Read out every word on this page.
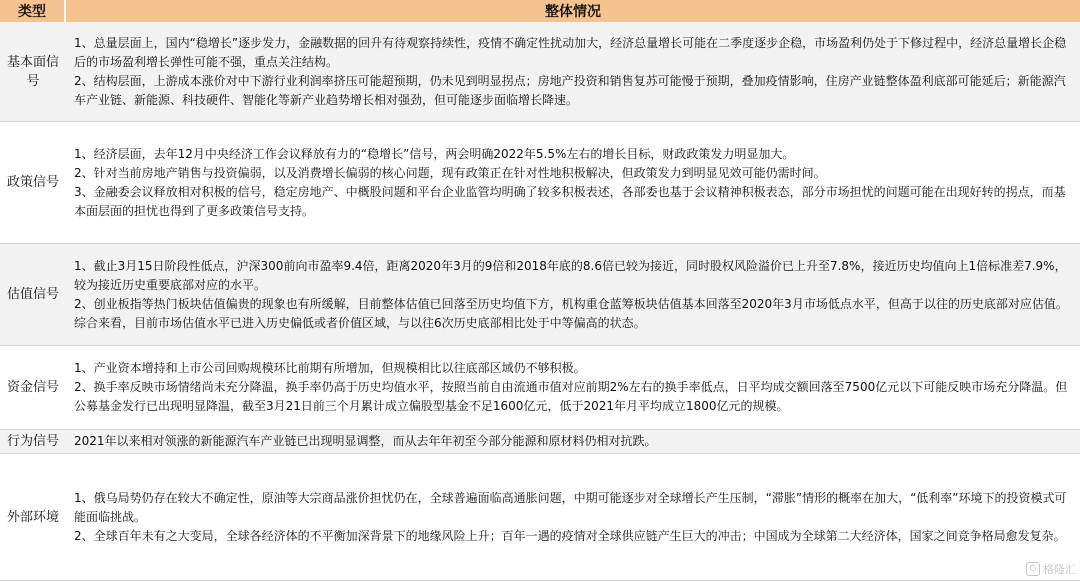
类型	整体情况
基本面信号

1、总量层面上，国内“稳增长”逐步发力，金融数据的回升有待观察持续性，疫情不确定性扰动加大，经济总量增长可能在二季度逐步企稳，市场盈利仍处于下修过程中，经济总量增长企稳后的市场盈利增长弹性可能不强，重点关注结构。

2、结构层面，上游成本涨价对中下游行业利润率挤压可能超预期，仍未见到明显拐点；房地产投资和销售复苏可能慢于预期，叠加疫情影响，住房产业链整体盈利底部可能延后；新能源汽车产业链、新能源、科技硬件、智能化等新产业趋势增长相对强劲，但可能逐步面临增长降速。

政策信号

1、经济层面，去年12月中央经济工作会议释放有力的“稳增长”信号，两会明确2022年5.5%左右的增长目标，财政政策发力明显加大。

2、针对当前房地产销售与投资偏弱，以及消费增长偏弱的核心问题，现有政策正在针对性地积极解决，但政策发力到明显见效可能仍需时间。

3、金融委会议释放相对积极的信号，稳定房地产、中概股问题和平台企业监管均明确了较多积极表述，各部委也基于会议精神积极表态，部分市场担忧的问题可能在出现好转的拐点，而基本面层面的担忧也得到了更多政策信号支持。

估值信号

1、截止3月15日阶段性低点，沪深300前向市盈率9.4倍，距离2020年3月的9倍和2018年底的8.6倍已较为接近，同时股权风险溢价已上升至7.8%，接近历史均值向上1倍标准差7.9%，较为接近历史重要底部对应的水平。

2、创业板指等热门板块估值偏贵的现象也有所缓解，目前整体估值已回落至历史均值下方，机构重仓蓝筹板块估值基本回落至2020年3月市场低点水平，但高于以往的历史底部对应估值。综合来看，目前市场估值水平已进入历史偏低或者价值区域，与以往6次历史底部相比处于中等偏高的状态。

资金信号

1、产业资本增持和上市公司回购规模环比前期有所增加，但规模相比以往底部区域仍不够积极。

2、换手率反映市场情绪尚未充分降温，换手率仍高于历史均值水平，按照当前自由流通市值对应前期2%左右的换手率低点，日平均成交额回落至7500亿元以下可能反映市场充分降温。但公募基金发行已出现明显降温，截至3月21日前三个月累计成立偏股型基金不足1600亿元，低于2021年月平均成立1800亿元的规模。

行为信号	2021年以来相对领涨的新能源汽车产业链已出现明显调整，而从去年年初至今部分能源和原材料仍相对抗跌。

外部环境

1、俄乌局势仍存在较大不确定性，原油等大宗商品涨价担忧仍在，全球普遍面临高通胀问题，中期可能逐步对全球增长产生压制，“滞胀”情形的概率在加大，“低利率”环境下的投资模式可能面临挑战。

2、全球百年未有之大变局，全球各经济体的不平衡加深背景下的地缘风险上升；百年一遇的疫情对全球供应链产生巨大的冲击；中国成为全球第二大经济体，国家之间竞争格局愈发复杂。

G 格隆汇
